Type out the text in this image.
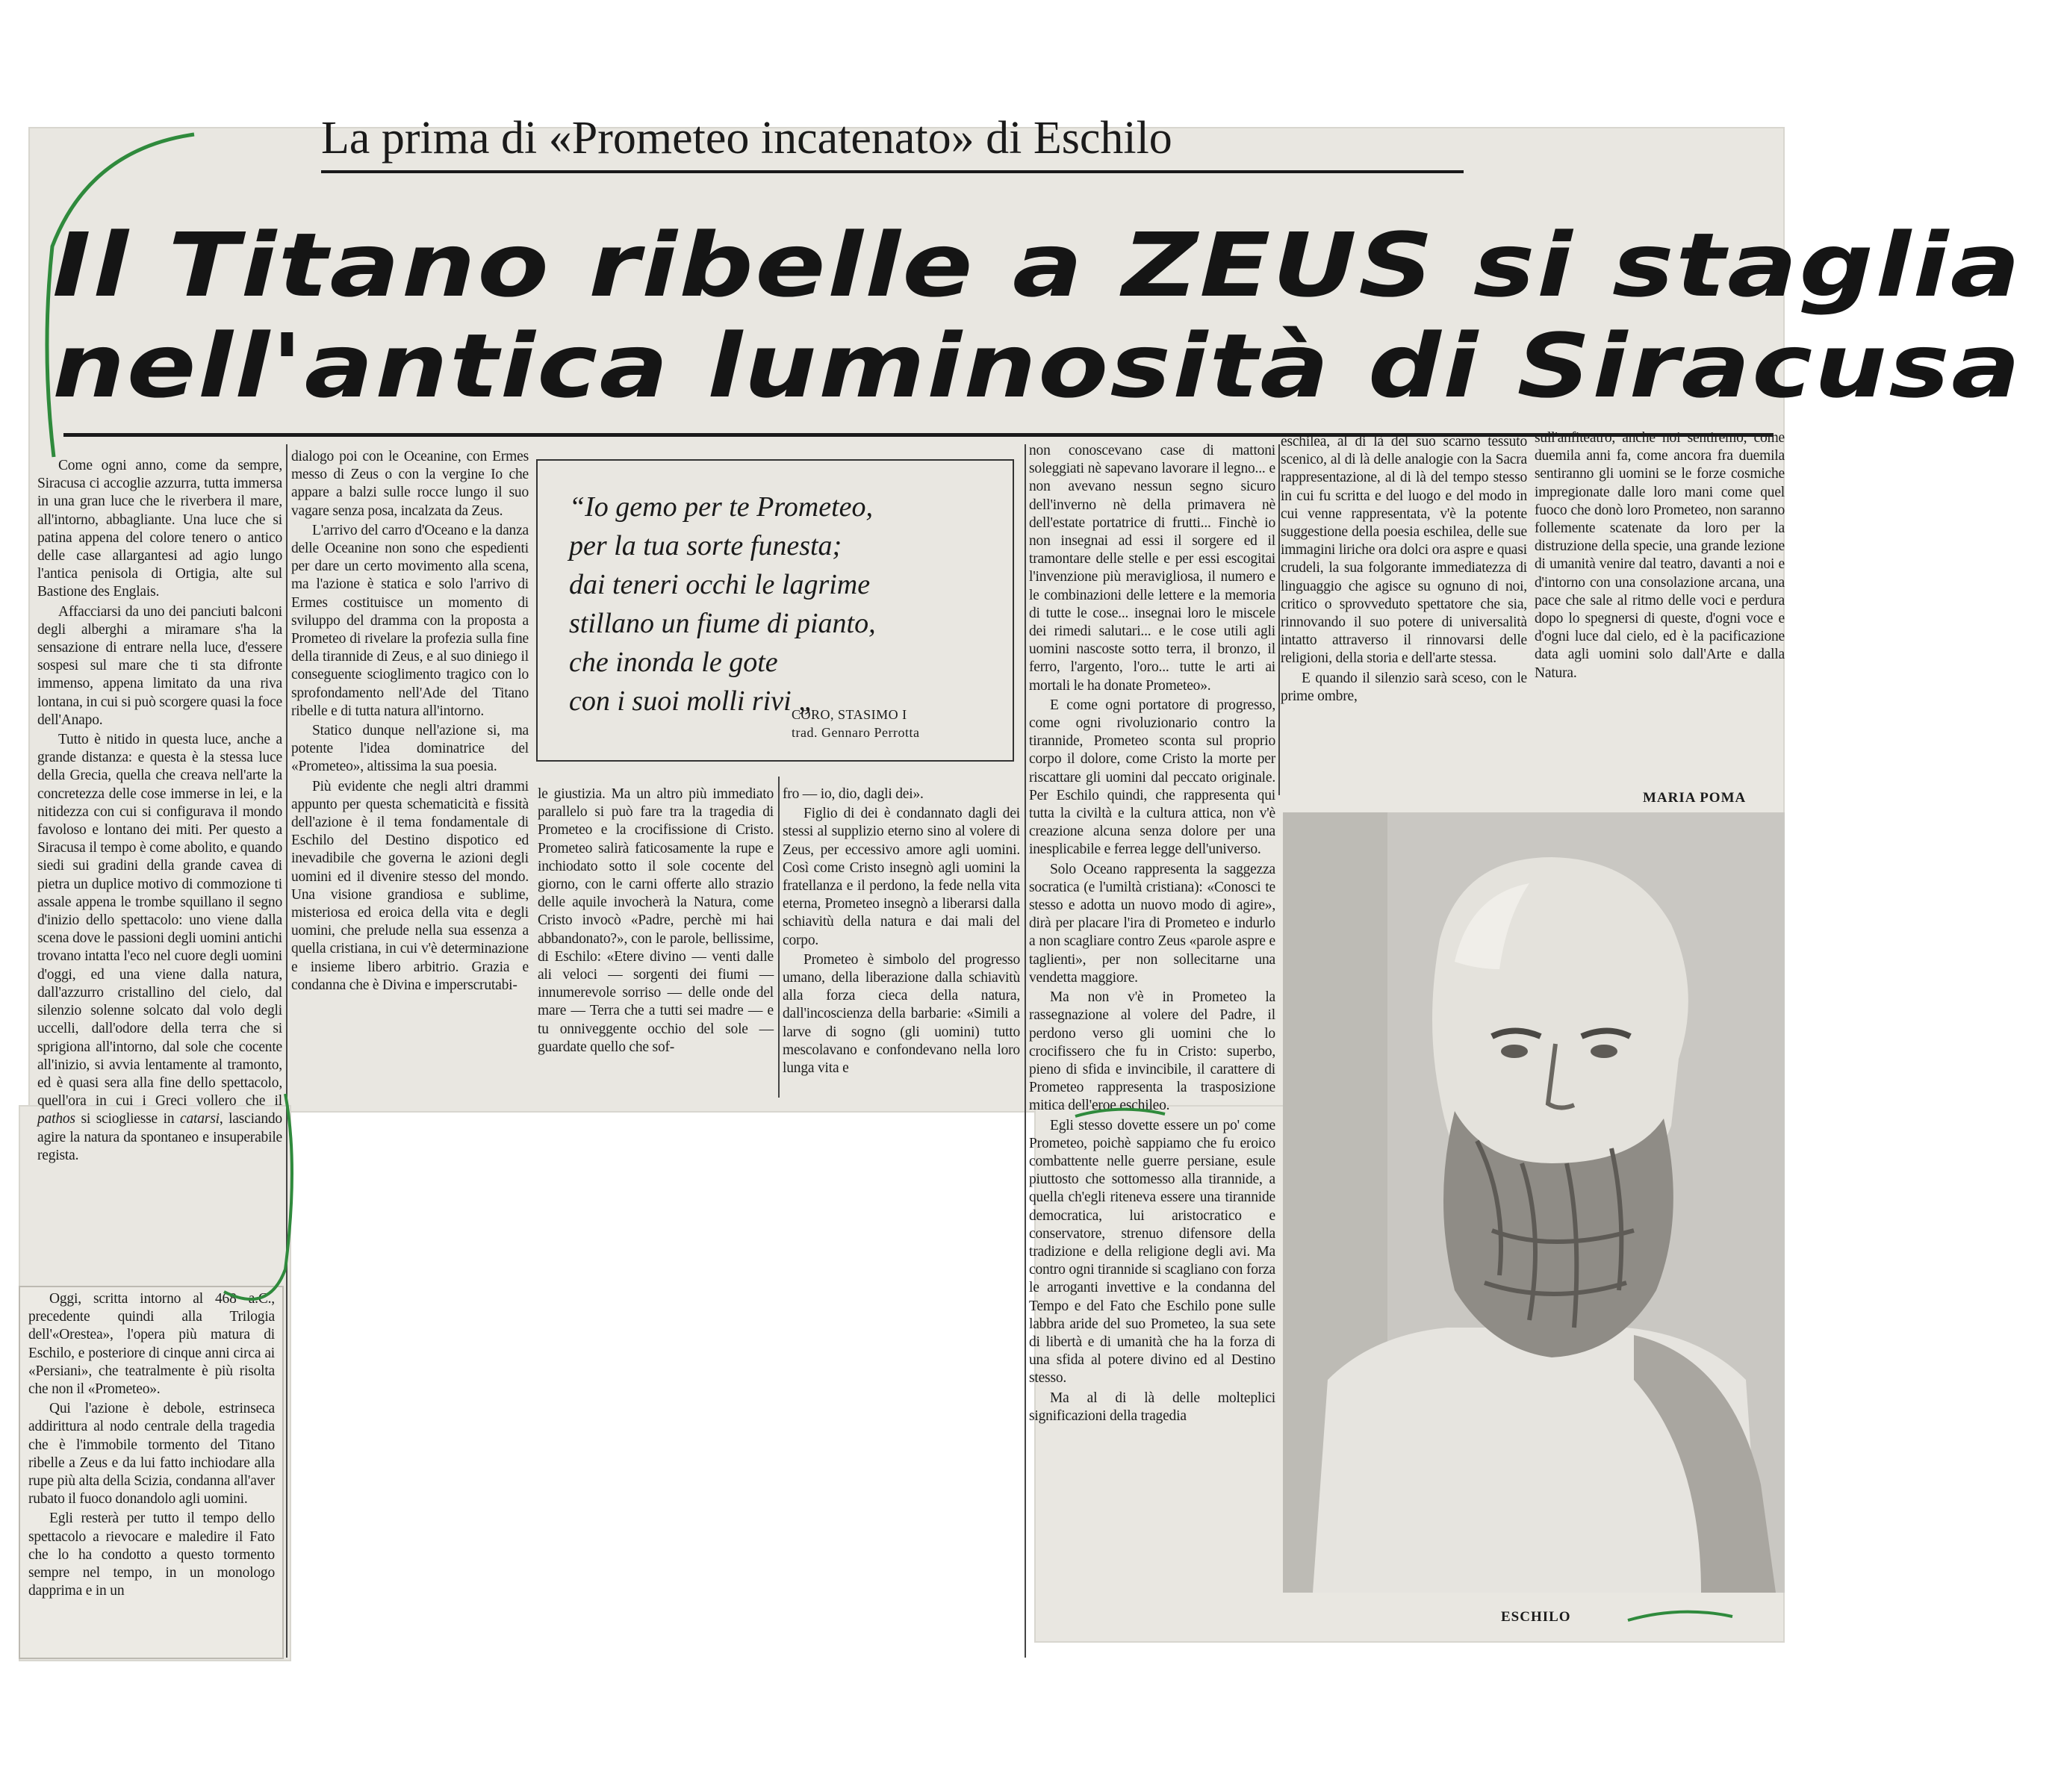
La prima di «Prometeo incatenato» di Eschilo
Il Titano ribelle a ZEUS si staglia
nell'antica luminosità di Siracusa

Come ogni anno, come da sempre, Siracusa ci accoglie azzurra, tutta immersa in una gran luce che le riverbera il mare, all'intorno, abbagliante. Una luce che si patina appena del colore tenero o antico delle case allargantesi ad agio lungo l'antica penisola di Ortigia, alte sul Bastione des Englais.

Affacciarsi da uno dei panciuti balconi degli alberghi a miramare s'ha la sensazione di entrare nella luce, d'essere sospesi sul mare che ti sta difronte immenso, appena limitato da una riva lontana, in cui si può scorgere quasi la foce dell'Anapo.

Tutto è nitido in questa luce, anche a grande distanza: e questa è la stessa luce della Grecia, quella che creava nell'arte la concretezza delle cose immerse in lei, e la nitidezza con cui si configurava il mondo favoloso e lontano dei miti. Per questo a Siracusa il tempo è come abolito, e quando siedi sui gradini della grande cavea di pietra un duplice motivo di commozione ti assale appena le trombe squillano il segno d'inizio dello spettacolo: uno viene dalla scena dove le passioni degli uomini antichi trovano intatta l'eco nel cuore degli uomini d'oggi, ed una viene dalla natura, dall'azzurro cristallino del cielo, dal silenzio solenne solcato dal volo degli uccelli, dall'odore della terra che si sprigiona all'intorno, dal sole che cocente all'inizio, si avvia lentamente al tramonto, ed è quasi sera alla fine dello spettacolo, quell'ora in cui i Greci vollero che il pathos si sciogliesse in catarsi, lasciando agire la natura da spontaneo e insuperabile regista.

Oggi, scritta intorno al 468 a.C., precedente quindi alla Trilogia dell'«Orestea», l'opera più matura di Eschilo, e posteriore di cinque anni circa ai «Persiani», che teatralmente è più risolta che non il «Prometeo».

Qui l'azione è debole, estrinseca addirittura al nodo centrale della tragedia che è l'immobile tormento del Titano ribelle a Zeus e da lui fatto inchiodare alla rupe più alta della Scizia, condanna all'aver rubato il fuoco donandolo agli uomini.

Egli resterà per tutto il tempo dello spettacolo a rievocare e maledire il Fato che lo ha condotto a questo tormento sempre nel tempo, in un monologo dapprima e in un

dialogo poi con le Oceanine, con Ermes messo di Zeus o con la vergine Io che appare a balzi sulle rocce lungo il suo vagare senza posa, incalzata da Zeus.

L'arrivo del carro d'Oceano e la danza delle Oceanine non sono che espedienti per dare un certo movimento alla scena, ma l'azione è statica e solo l'arrivo di Ermes costituisce un momento di sviluppo del dramma con la proposta a Prometeo di rivelare la profezia sulla fine della tirannide di Zeus, e al suo diniego il conseguente scioglimento tragico con lo sprofondamento nell'Ade del Titano ribelle e di tutta natura all'intorno.

Statico dunque nell'azione si, ma potente l'idea dominatrice del «Prometeo», altissima la sua poesia.

Più evidente che negli altri drammi appunto per questa schematicità e fissità dell'azione è il tema fondamentale di Eschilo del Destino dispotico ed inevadibile che governa le azioni degli uomini ed il divenire stesso del mondo. Una visione grandiosa e sublime, misteriosa ed eroica della vita e degli uomini, che prelude nella sua essenza a quella cristiana, in cui v'è determinazione e insieme libero arbitrio. Grazia e condanna che è Divina e imperscrutabi-

“Io gemo per te Prometeo,
per la tua sorte funesta;
dai teneri occhi le lagrime
stillano un fiume di pianto,
che inonda le gote
con i suoi molli rivi „
CORO, STASIMO I
trad. Gennaro Perrotta

le giustizia. Ma un altro più immediato parallelo si può fare tra la tragedia di Prometeo e la crocifissione di Cristo. Prometeo salirà faticosamente la rupe e inchiodato sotto il sole cocente del giorno, con le carni offerte allo strazio delle aquile invocherà la Natura, come Cristo invocò «Padre, perchè mi hai abbandonato?», con le parole, bellissime, di Eschilo: «Etere divino — venti dalle ali veloci — sorgenti dei fiumi — innumerevole sorriso — delle onde del mare — Terra che a tutti sei madre — e tu onniveggente occhio del sole — guardate quello che sof-

fro — io, dio, dagli dei».

Figlio di dei è condannato dagli dei stessi al supplizio eterno sino al volere di Zeus, per eccessivo amore agli uomini. Così come Cristo insegnò agli uomini la fratellanza e il perdono, la fede nella vita eterna, Prometeo insegnò a liberarsi dalla schiavitù della natura e dai mali del corpo.

Prometeo è simbolo del progresso umano, della liberazione dalla schiavitù alla forza cieca della natura, dall'incoscienza della barbarie: «Simili a larve di sogno (gli uomini) tutto mescolavano e confondevano nella loro lunga vita e

non conoscevano case di mattoni soleggiati nè sapevano lavorare il legno... e non avevano nessun segno sicuro dell'inverno nè della primavera nè dell'estate portatrice di frutti... Finchè io non insegnai ad essi il sorgere ed il tramontare delle stelle e per essi escogitai l'invenzione più meravigliosa, il numero e le combinazioni delle lettere e la memoria di tutte le cose... insegnai loro le miscele dei rimedi salutari... e le cose utili agli uomini nascoste sotto terra, il bronzo, il ferro, l'argento, l'oro... tutte le arti ai mortali le ha donate Prometeo».

E come ogni portatore di progresso, come ogni rivoluzionario contro la tirannide, Prometeo sconta sul proprio corpo il dolore, come Cristo la morte per riscattare gli uomini dal peccato originale. Per Eschilo quindi, che rappresenta qui tutta la civiltà e la cultura attica, non v'è creazione alcuna senza dolore per una inesplicabile e ferrea legge dell'universo.

Solo Oceano rappresenta la saggezza socratica (e l'umiltà cristiana): «Conosci te stesso e adotta un nuovo modo di agire», dirà per placare l'ira di Prometeo e indurlo a non scagliare contro Zeus «parole aspre e taglienti», per non sollecitarne una vendetta maggiore.

Ma non v'è in Prometeo la rassegnazione al volere del Padre, il perdono verso gli uomini che lo crocifissero che fu in Cristo: superbo, pieno di sfida e invincibile, il carattere di Prometeo rappresenta la trasposizione mitica dell'eroe eschileo.

Egli stesso dovette essere un po' come Prometeo, poichè sappiamo che fu eroico combattente nelle guerre persiane, esule piuttosto che sottomesso alla tirannide, a quella ch'egli riteneva essere una tirannide democratica, lui aristocratico e conservatore, strenuo difensore della tradizione e della religione degli avi. Ma contro ogni tirannide si scagliano con forza le arroganti invettive e la condanna del Tempo e del Fato che Eschilo pone sulle labbra aride del suo Prometeo, la sua sete di libertà e di umanità che ha la forza di una sfida al potere divino ed al Destino stesso.

Ma al di là delle molteplici significazioni della tragedia

eschilea, al di là del suo scarno tessuto scenico, al di là delle analogie con la Sacra rappresentazione, al di là del tempo stesso in cui fu scritta e del luogo e del modo in cui venne rappresentata, v'è la potente suggestione della poesia eschilea, delle sue immagini liriche ora dolci ora aspre e quasi crudeli, la sua folgorante immediatezza di linguaggio che agisce su ognuno di noi, critico o sprovveduto spettatore che sia, rinnovando il suo potere di universalità intatto attraverso il rinnovarsi delle religioni, della storia e dell'arte stessa.

E quando il silenzio sarà sceso, con le prime ombre,

sull'anfiteatro, anche noi sentiremo, come duemila anni fa, come ancora fra duemila sentiranno gli uomini se le forze cosmiche impregionate dalle loro mani come quel fuoco che donò loro Prometeo, non saranno follemente scatenate da loro per la distruzione della specie, una grande lezione di umanità venire dal teatro, davanti a noi e d'intorno con una consolazione arcana, una pace che sale al ritmo delle voci e perdura dopo lo spegnersi di queste, d'ogni voce e d'ogni luce dal cielo, ed è la pacificazione data agli uomini solo dall'Arte e dalla Natura.

MARIA POMA
ESCHILO
